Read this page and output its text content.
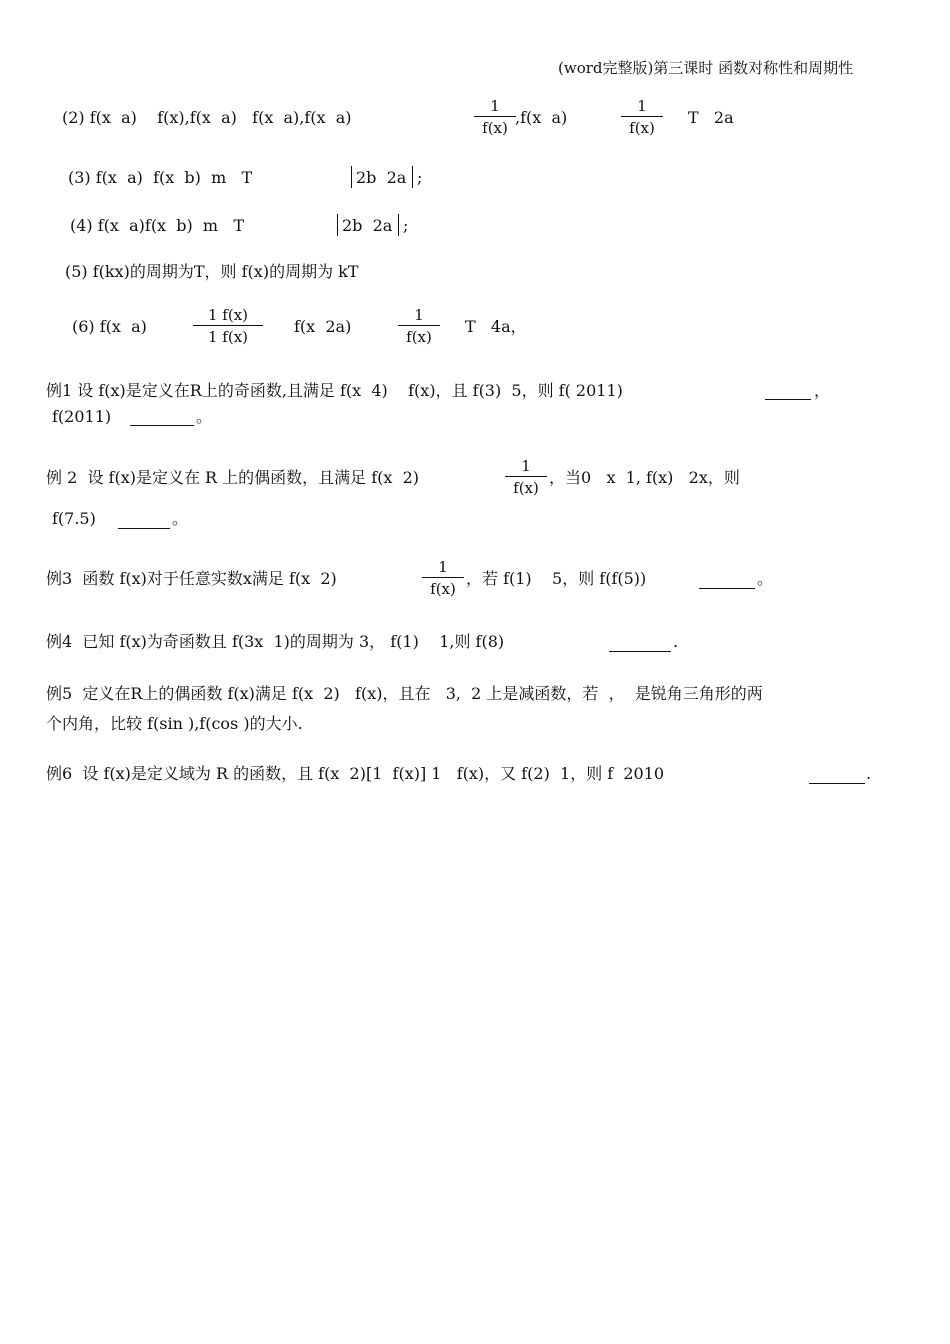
(word完整版)第三课时 函数对称性和周期性
(2) f(x  a)    f(x),f(x  a)   f(x  a),f(x  a)
1
f(x)
,f(x  a)
1
f(x)
T   2a
(3) f(x  a)  f(x  b)  m   T	2b  2a ;
(4) f(x  a)f(x  b)  m   T	2b  2a ;
(5) f(kx)的周期为T，则 f(x)的周期为 kT
(6) f(x  a)
1 f(x)
1 f(x)
f(x  2a)
1
f(x)
T   4a，
例1 设 f(x)是定义在R上的奇函数,且满足 f(x  4)    f(x)，且 f(3)  5，则 f( 2011)	，
f(2011)	。
例 2  设 f(x)是定义在 R 上的偶函数，且满足 f(x  2)
1
f(x)
，当0   x  1, f(x)   2x，则
f(7.5)	。
例3  函数 f(x)对于任意实数x满足 f(x  2)
1
f(x)
，若 f(1)    5，则 f(f(5))	。
例4  已知 f(x)为奇函数且 f(3x  1)的周期为 3， f(1)    1,则 f(8)	.
例5  定义在R上的偶函数 f(x)满足 f(x  2)   f(x)，且在   3,  2 上是减函数，若  ，  是锐角三角形的两
个内角，比较 f(sin ),f(cos )的大小.
例6  设 f(x)是定义域为 R 的函数，且 f(x  2)[1  f(x)] 1   f(x)，又 f(2)  1，则 f  2010	.
